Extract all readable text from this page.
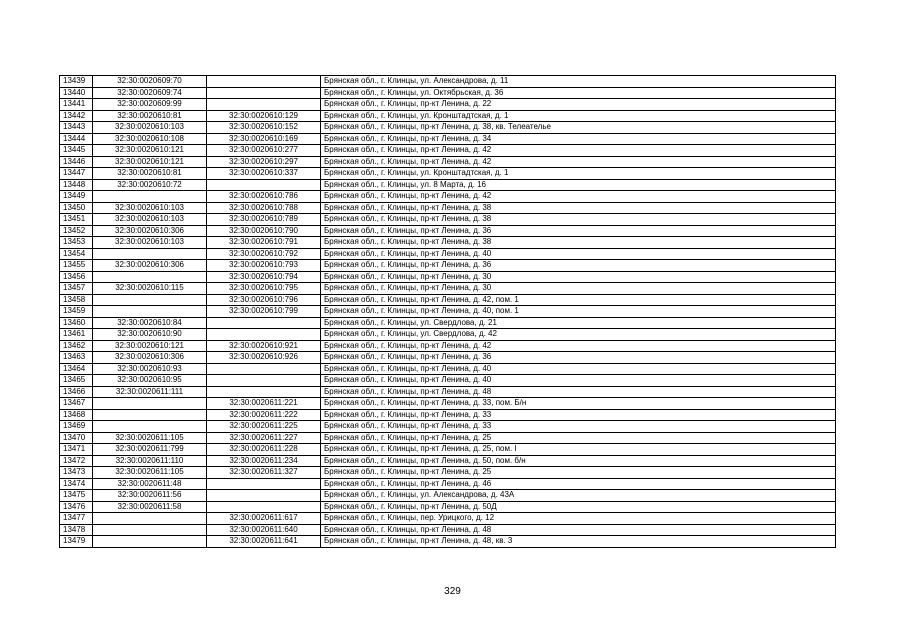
13439	32:30:0020609:70		Брянская обл., г. Клинцы, ул. Александрова, д. 11
13440	32:30:0020609:74		Брянская обл., г. Клинцы, ул. Октябрьская, д. 36
13441	32:30:0020609:99		Брянская обл., г. Клинцы, пр-кт Ленина, д. 22
13442	32:30:0020610:81	32:30:0020610:129	Брянская обл., г. Клинцы, ул. Кронштадтская, д. 1
13443	32:30:0020610:103	32:30:0020610:152	Брянская обл., г. Клинцы, пр-кт Ленина, д. 38, кв. Телеателье
13444	32:30:0020610:108	32:30:0020610:169	Брянская обл., г. Клинцы, пр-кт Ленина, д. 34
13445	32:30:0020610:121	32:30:0020610:277	Брянская обл., г. Клинцы, пр-кт Ленина, д. 42
13446	32:30:0020610:121	32:30:0020610:297	Брянская обл., г. Клинцы, пр-кт Ленина, д. 42
13447	32:30:0020610:81	32:30:0020610:337	Брянская обл., г. Клинцы, ул. Кронштадтская, д. 1
13448	32:30:0020610:72		Брянская обл., г. Клинцы, ул. 8 Марта, д. 16
13449		32:30:0020610:786	Брянская обл., г. Клинцы, пр-кт Ленина, д. 42
13450	32:30:0020610:103	32:30:0020610:788	Брянская обл., г. Клинцы, пр-кт Ленина, д. 38
13451	32:30:0020610:103	32:30:0020610:789	Брянская обл., г. Клинцы, пр-кт Ленина, д. 38
13452	32:30:0020610:306	32:30:0020610:790	Брянская обл., г. Клинцы, пр-кт Ленина, д. 36
13453	32:30:0020610:103	32:30:0020610:791	Брянская обл., г. Клинцы, пр-кт Ленина, д. 38
13454		32:30:0020610:792	Брянская обл., г. Клинцы, пр-кт Ленина, д. 40
13455	32:30:0020610:306	32:30:0020610:793	Брянская обл., г. Клинцы, пр-кт Ленина, д. 36
13456		32:30:0020610:794	Брянская обл., г. Клинцы, пр-кт Ленина, д. 30
13457	32:30:0020610:115	32:30:0020610:795	Брянская обл., г. Клинцы, пр-кт Ленина, д. 30
13458		32:30:0020610:796	Брянская обл., г. Клинцы, пр-кт Ленина, д. 42, пом. 1
13459		32:30:0020610:799	Брянская обл., г. Клинцы, пр-кт Ленина, д. 40, пом. 1
13460	32:30:0020610:84		Брянская обл., г. Клинцы, ул. Свердлова, д. 21
13461	32:30:0020610:90		Брянская обл., г. Клинцы, ул. Свердлова, д. 42
13462	32:30:0020610:121	32:30:0020610:921	Брянская обл., г. Клинцы, пр-кт Ленина, д. 42
13463	32:30:0020610:306	32:30:0020610:926	Брянская обл., г. Клинцы, пр-кт Ленина, д. 36
13464	32:30:0020610:93		Брянская обл., г. Клинцы, пр-кт Ленина, д. 40
13465	32:30:0020610:95		Брянская обл., г. Клинцы, пр-кт Ленина, д. 40
13466	32:30:0020611:111		Брянская обл., г. Клинцы, пр-кт Ленина, д. 48
13467		32:30:0020611:221	Брянская обл., г. Клинцы, пр-кт Ленина, д. 33, пом. Б/н
13468		32:30:0020611:222	Брянская обл., г. Клинцы, пр-кт Ленина, д. 33
13469		32:30:0020611:225	Брянская обл., г. Клинцы, пр-кт Ленина, д. 33
13470	32:30:0020611:105	32:30:0020611:227	Брянская обл., г. Клинцы, пр-кт Ленина, д. 25
13471	32:30:0020611:799	32:30:0020611:228	Брянская обл., г. Клинцы, пр-кт Ленина, д. 25, пом. I
13472	32:30:0020611:110	32:30:0020611:234	Брянская обл., г. Клинцы, пр-кт Ленина, д. 50, пом. б/н
13473	32:30:0020611:105	32:30:0020611:327	Брянская обл., г. Клинцы, пр-кт Ленина, д. 25
13474	32:30:0020611:48		Брянская обл., г. Клинцы, пр-кт Ленина, д. 46
13475	32:30:0020611:56		Брянская обл., г. Клинцы, ул. Александрова, д. 43А
13476	32:30:0020611:58		Брянская обл., г. Клинцы, пр-кт Ленина, д. 50Д
13477		32:30:0020611:617	Брянская обл., г. Клинцы, пер. Урицкого, д. 12
13478		32:30:0020611:640	Брянская обл., г. Клинцы, пр-кт Ленина, д. 48
13479		32:30:0020611:641	Брянская обл., г. Клинцы, пр-кт Ленина, д. 48, кв. 3
329
